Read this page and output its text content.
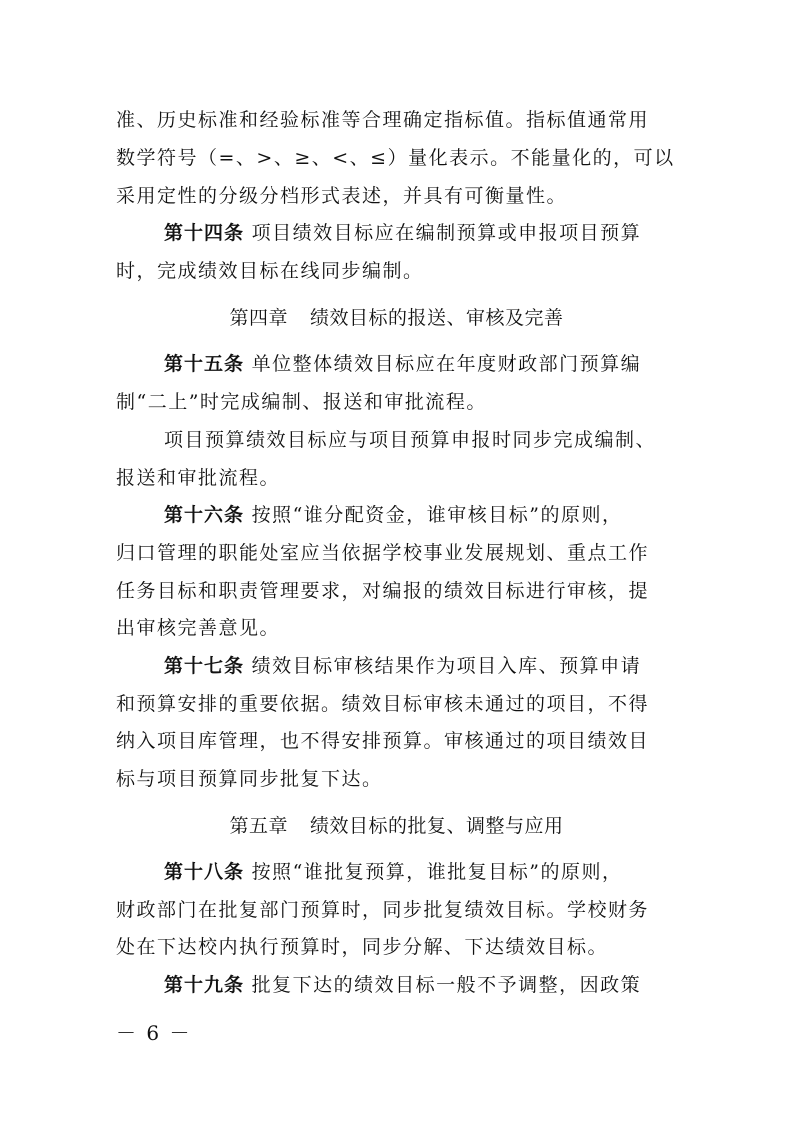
准、历史标准和经验标准等合理确定指标值。指标值通常用
数学符号（=、>、≥、<、≤）量化表示。不能量化的，可以
采用定性的分级分档形式表述，并具有可衡量性。
第十四条 项目绩效目标应在编制预算或申报项目预算
时，完成绩效目标在线同步编制。
第四章 绩效目标的报送、审核及完善
第十五条 单位整体绩效目标应在年度财政部门预算编
制“二上”时完成编制、报送和审批流程。
项目预算绩效目标应与项目预算申报时同步完成编制、
报送和审批流程。
第十六条 按照“谁分配资金，谁审核目标”的原则，
归口管理的职能处室应当依据学校事业发展规划、重点工作
任务目标和职责管理要求，对编报的绩效目标进行审核，提
出审核完善意见。
第十七条 绩效目标审核结果作为项目入库、预算申请
和预算安排的重要依据。绩效目标审核未通过的项目，不得
纳入项目库管理，也不得安排预算。审核通过的项目绩效目
标与项目预算同步批复下达。
第五章 绩效目标的批复、调整与应用
第十八条 按照“谁批复预算，谁批复目标”的原则，
财政部门在批复部门预算时，同步批复绩效目标。学校财务
处在下达校内执行预算时，同步分解、下达绩效目标。
第十九条 批复下达的绩效目标一般不予调整，因政策
－ 6 －
